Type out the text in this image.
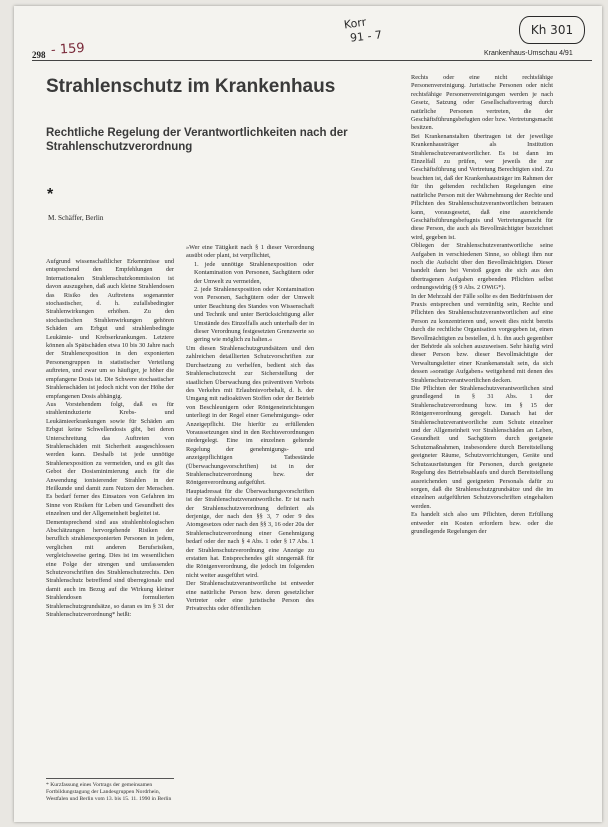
298 - 159
Korr
91 - 7	Kh 301
Krankenhaus-Umschau 4/91
Strahlenschutz im Krankenhaus
Rechtliche Regelung der Verantwortlichkeiten nach der Strahlenschutzverordnung
*
M. Schäffer, Berlin

Aufgrund wissenschaftlicher Erkenntnisse und entsprechend den Empfehlungen der Internationalen Strahlenschutzkommission ist davon auszugehen, daß auch kleine Strahlendosen das Risiko des Auftretens sogenannter stochastischer, d. h. zufallsbedingter Strahlenwirkungen erhöhen. Zu den stochastischen Strahlenwirkungen gehören Schäden am Erbgut und strahlenbedingte Leukämie- und Krebserkrankungen. Letztere können als Spätschäden etwa 10 bis 30 Jahre nach der Strahlenexposition in den exponierten Personengruppen in statistischer Verteilung auftreten, und zwar um so häufiger, je höher die empfangene Dosis ist. Die Schwere stochastischer Strahlenschäden ist jedoch nicht von der Höhe der empfangenen Dosis abhängig.

Aus Vorstehendem folgt, daß es für strahleninduzierte Krebs- und Leukämieerkrankungen sowie für Schäden am Erbgut keine Schwellendosis gibt, bei deren Unterschreitung das Auftreten von Strahlenschäden mit Sicherheit ausgeschlossen werden kann. Deshalb ist jede unnötige Strahlenexposition zu vermeiden, und es gilt das Gebot der Dosisminimierung auch für die Anwendung ionisierender Strahlen in der Heilkunde und damit zum Nutzen der Menschen. Es bedarf ferner des Einsatzes von Gefahren im Sinne von Risiken für Leben und Gesundheit des einzelnen und der Allgemeinheit begleitet ist.

Dementsprechend sind aus strahlenbiologischen Abschätzungen hervorgehende Risiken der beruflich strahlenexponierten Personen in jedem, verglichen mit anderen Berufsrisiken, vergleichsweise gering. Dies ist im wesentlichen eine Folge der strengen und umfassenden Schutzvorschriften des Strahlenschutzrechts. Den Strahlenschutz betreffend sind überregionale und damit auch im Bezug auf die Wirkung kleiner Strahlendosen formulierten Strahlenschutzgrundsätze, so daran es im § 31 der Strahlenschutzverordnung* heißt:

* Kurzfassung eines Vortrags der gemeinsamen Fortbildungstagung der Landesgruppen Nordrhein, Westfalen und Berlin vom 13. bis 15. 11. 1990 in Berlin

»Wer eine Tätigkeit nach § 1 dieser Verordnung ausübt oder plant, ist verpflichtet,

1. jede unnötige Strahlenexposition oder Kontamination von Personen, Sachgütern oder der Umwelt zu vermeiden,

2. jede Strahlenexposition oder Kontamination von Personen, Sachgütern oder der Umwelt unter Beachtung des Standes von Wissenschaft und Technik und unter Berücksichtigung aller Umstände des Einzelfalls auch unterhalb der in dieser Verordnung festgesetzten Grenzwerte so gering wie möglich zu halten.«

Um diesen Strahlenschutzgrundsätzen und den zahlreichen detaillierten Schutzvorschriften zur Durchsetzung zu verhelfen, bedient sich das Strahlenschutzrecht zur Sicherstellung der staatlichen Überwachung des präventiven Verbots des Verkehrs mit Erlaubnisvorbehalt, d. h. der Umgang mit radioaktiven Stoffen oder der Betrieb von Beschleunigern oder Röntgeneinrichtungen unterliegt in der Regel einer Genehmigungs- oder Anzeigepflicht. Die hierfür zu erfüllenden Voraussetzungen sind in den Rechtsverordnungen niedergelegt. Eine im einzelnen geltende Regelung der genehmigungs- und anzeigepflichtigen Tatbestände (Überwachungsvorschriften) ist in der Strahlenschutzverordnung bzw. der Röntgenverordnung aufgeführt.

Hauptadressat für die Überwachungsvorschriften ist der Strahlenschutzverantwortliche. Er ist nach der Strahlenschutzverordnung definiert als derjenige, der nach den §§ 3, 7 oder 9 des Atomgesetzes oder nach den §§ 3, 16 oder 20a der Strahlenschutzverordnung einer Genehmigung bedarf oder der nach § 4 Abs. 1 oder § 17 Abs. 1 der Strahlenschutzverordnung eine Anzeige zu erstatten hat. Entsprechendes gilt sinngemäß für die Röntgenverordnung, die jedoch im folgenden nicht weiter ausgeführt wird.

Der Strahlenschutzverantwortliche ist entweder eine natürliche Person bzw. deren gesetzlicher Vertreter oder eine juristische Person des Privatrechts oder öffentlichen

Rechts oder eine nicht rechtsfähige Personenvereinigung. Juristische Personen oder nicht rechtsfähige Personenvereinigungen werden je nach Gesetz, Satzung oder Gesellschaftsvertrag durch natürliche Personen vertreten, die der Geschäftsführungsbefugten oder bzw. Vertretungsmacht besitzen.

Bei Krankenanstalten übertragen ist der jeweilige Krankenhausträger als Institution Strahlenschutzverantwortlicher. Es ist dann im Einzelfall zu prüfen, wer jeweils die zur Geschäftsführung und Vertretung Berechtigten sind. Zu beachten ist, daß der Krankenhausträger im Rahmen der für ihn geltenden rechtlichen Regelungen eine natürliche Person mit der Wahrnehmung der Rechte und Pflichten des Strahlenschutzverantwortlichen betrauen kann, vorausgesetzt, daß eine ausreichende Geschäftsführungsbefugnis und Vertretungsmacht für diese Person, die auch als Bevollmächtigter bezeichnet wird, gegeben ist.

Obliegen der Strahlenschutzverantwortliche seine Aufgaben in verschiedenen Sinne, so obliegt ihm nur noch die Aufsicht über den Bevollmächtigten. Dieser handelt dann bei Verstoß gegen die sich aus den übertragenen Aufgaben ergebenden Pflichten selbst ordnungswidrig (§ 9 Abs. 2 OWiG*).

In der Mehrzahl der Fälle sollte es den Bedürfnissen der Praxis entsprechen und vernünftig sein, Rechte und Pflichten des Strahlenschutzverantwortlichen auf eine Person zu konzentrieren und, soweit dies nicht bereits durch die rechtliche Organisation vorgegeben ist, einen Bevollmächtigten zu bestellen, d. h. ihn auch gegenüber der Behörde als solchen auszuweisen. Sehr häufig wird dieser Person bzw. dieser Bevollmächtigte der Verwaltungsleiter einer Krankenanstalt sein, da sich dessen »sonstige Aufgaben« weitgehend mit denen des Strahlenschutzverantwortlichen decken.

Die Pflichten der Strahlenschutzverantwortlichen sind grundlegend in § 31 Abs. 1 der Strahlenschutzverordnung bzw. im § 15 der Röntgenverordnung geregelt. Danach hat der Strahlenschutzverantwortliche zum Schutz einzelner und der Allgemeinheit vor Strahlenschäden an Leben, Gesundheit und Sachgütern durch geeignete Schutzmaßnahmen, insbesondere durch Bereitstellung geeigneter Räume, Schutzvorrichtungen, Geräte und Schutzausrüstungen für Personen, durch geeignete Regelung des Betriebsablaufs und durch Bereitstellung ausreichenden und geeigneten Personals dafür zu sorgen, daß die Strahlenschutzgrundsätze und die im einzelnen aufgeführten Schutzvorschriften eingehalten werden.

Es handelt sich also um Pflichten, deren Erfüllung entweder ein Kosten erfordern bzw. oder die grundlegende Regelungen der
